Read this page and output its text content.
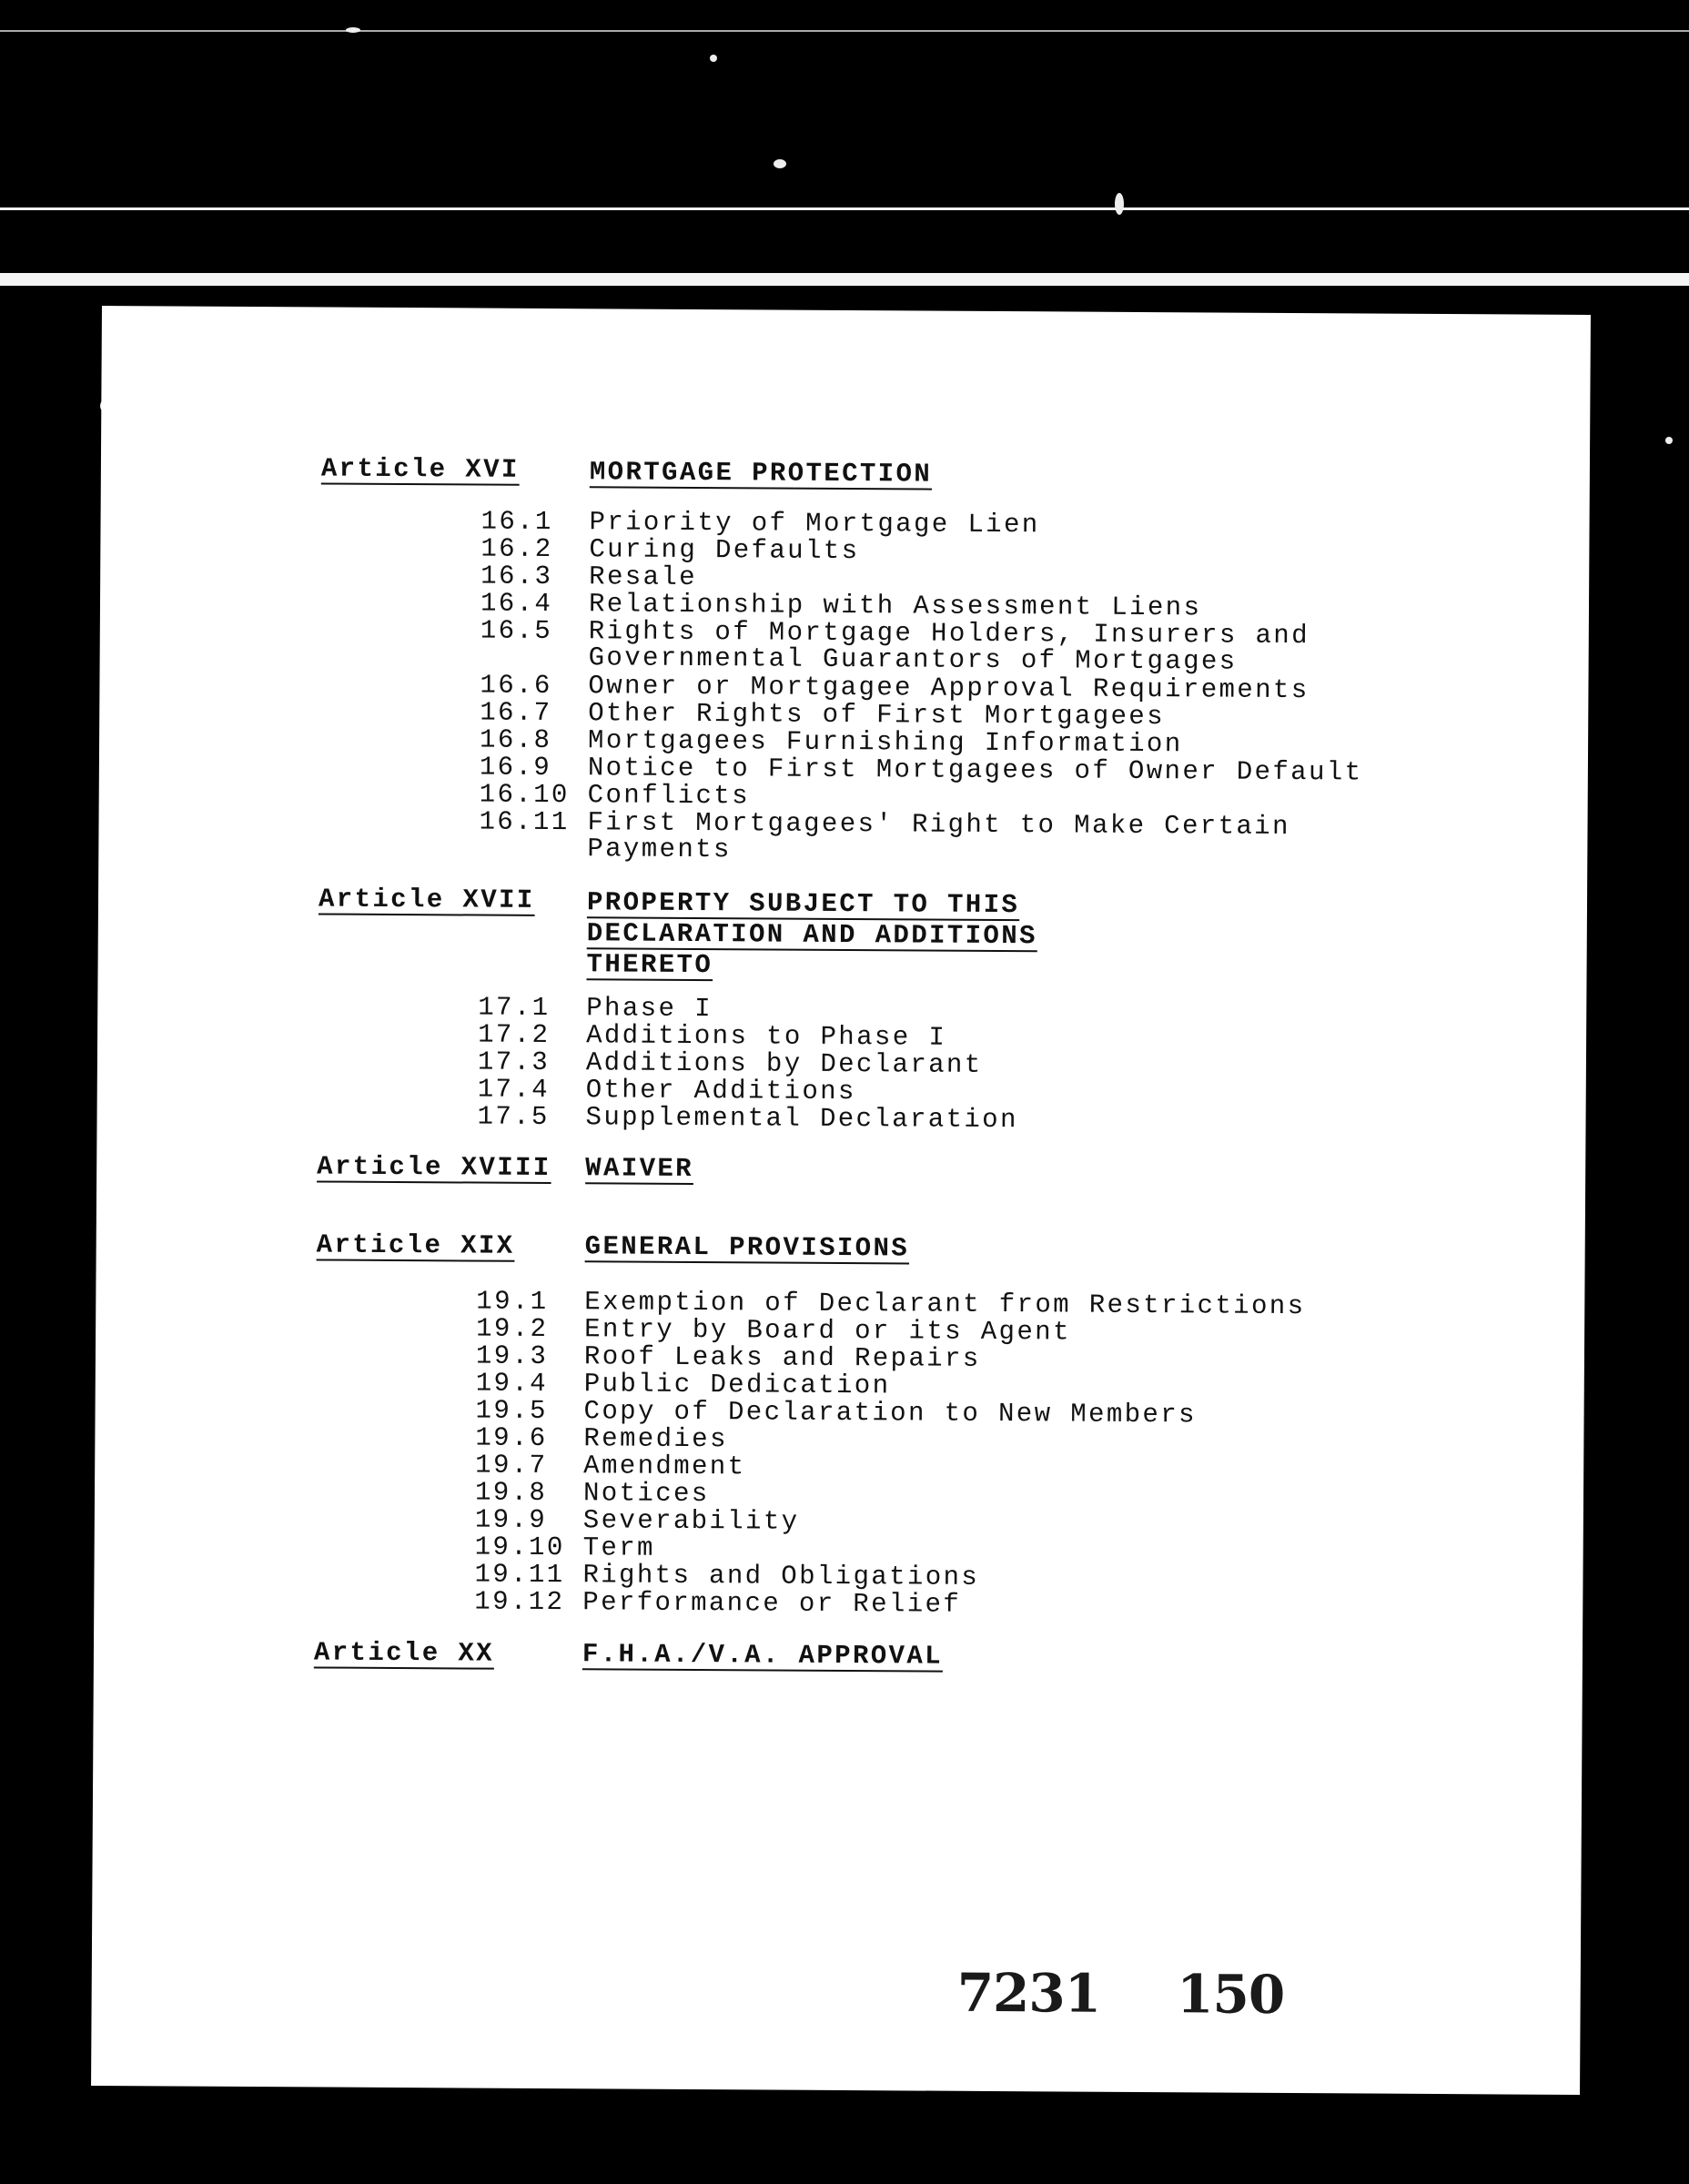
Article XVI	MORTGAGE PROTECTION
16.1 Priority of Mortgage Lien
16.2 Curing Defaults
16.3 Resale
16.4 Relationship with Assessment Liens
16.5 Rights of Mortgage Holders, Insurers and Governmental Guarantors of Mortgages
16.6 Owner or Mortgagee Approval Requirements
16.7 Other Rights of First Mortgagees
16.8 Mortgagees Furnishing Information
16.9 Notice to First Mortgagees of Owner Default
16.10 Conflicts
16.11 First Mortgagees' Right to Make Certain Payments
Article XVII PROPERTY SUBJECT TO THIS DECLARATION AND ADDITIONS THERETO
17.1 Phase I
17.2 Additions to Phase I
17.3 Additions by Declarant
17.4 Other Additions
17.5 Supplemental Declaration
Article XVIII WAIVER
Article XIX	GENERAL PROVISIONS
19.1 Exemption of Declarant from Restrictions
19.2 Entry by Board or its Agent
19.3 Roof Leaks and Repairs
19.4 Public Dedication
19.5 Copy of Declaration to New Members
19.6 Remedies
19.7 Amendment
19.8 Notices
19.9 Severability
19.10 Term
19.11 Rights and Obligations
19.12 Performance or Relief
Article XX	F.H.A./V.A. APPROVAL
7231 150
